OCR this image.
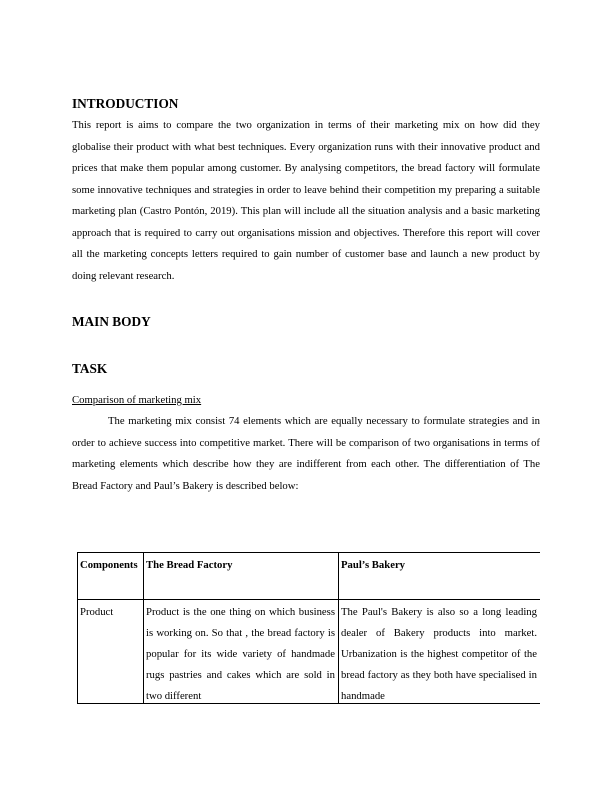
INTRODUCTION

This report is aims to compare the two organization in terms of their marketing mix on how did they globalise their product with what best techniques. Every organization runs with their innovative product and prices that make them popular among customer. By analysing competitors, the bread factory will formulate some innovative techniques and strategies in order to leave behind their competition my preparing a suitable marketing plan (Castro Pontón, 2019). This plan will include all the situation analysis and a basic marketing approach that is required to carry out organisations mission and objectives. Therefore this report will cover all the marketing concepts letters required to gain number of customer base and launch a new product by doing relevant research.

MAIN BODY
TASK
Comparison of marketing mix

The marketing mix consist 74 elements which are equally necessary to formulate strategies and in order to achieve success into competitive market. There will be comparison of two organisations in terms of marketing elements which describe how they are indifferent from each other. The differentiation of The Bread Factory and Paul’s Bakery is described below:

Components	The Bread Factory	Paul’s Bakery

Product	Product is the one thing on which business is working on. So that , the bread factory is popular for its wide variety of handmade rugs pastries and cakes which are sold in two different	The Paul's Bakery is also so a long leading dealer of Bakery products into market. Urbanization is the highest competitor of the bread factory as they both have specialised in handmade
